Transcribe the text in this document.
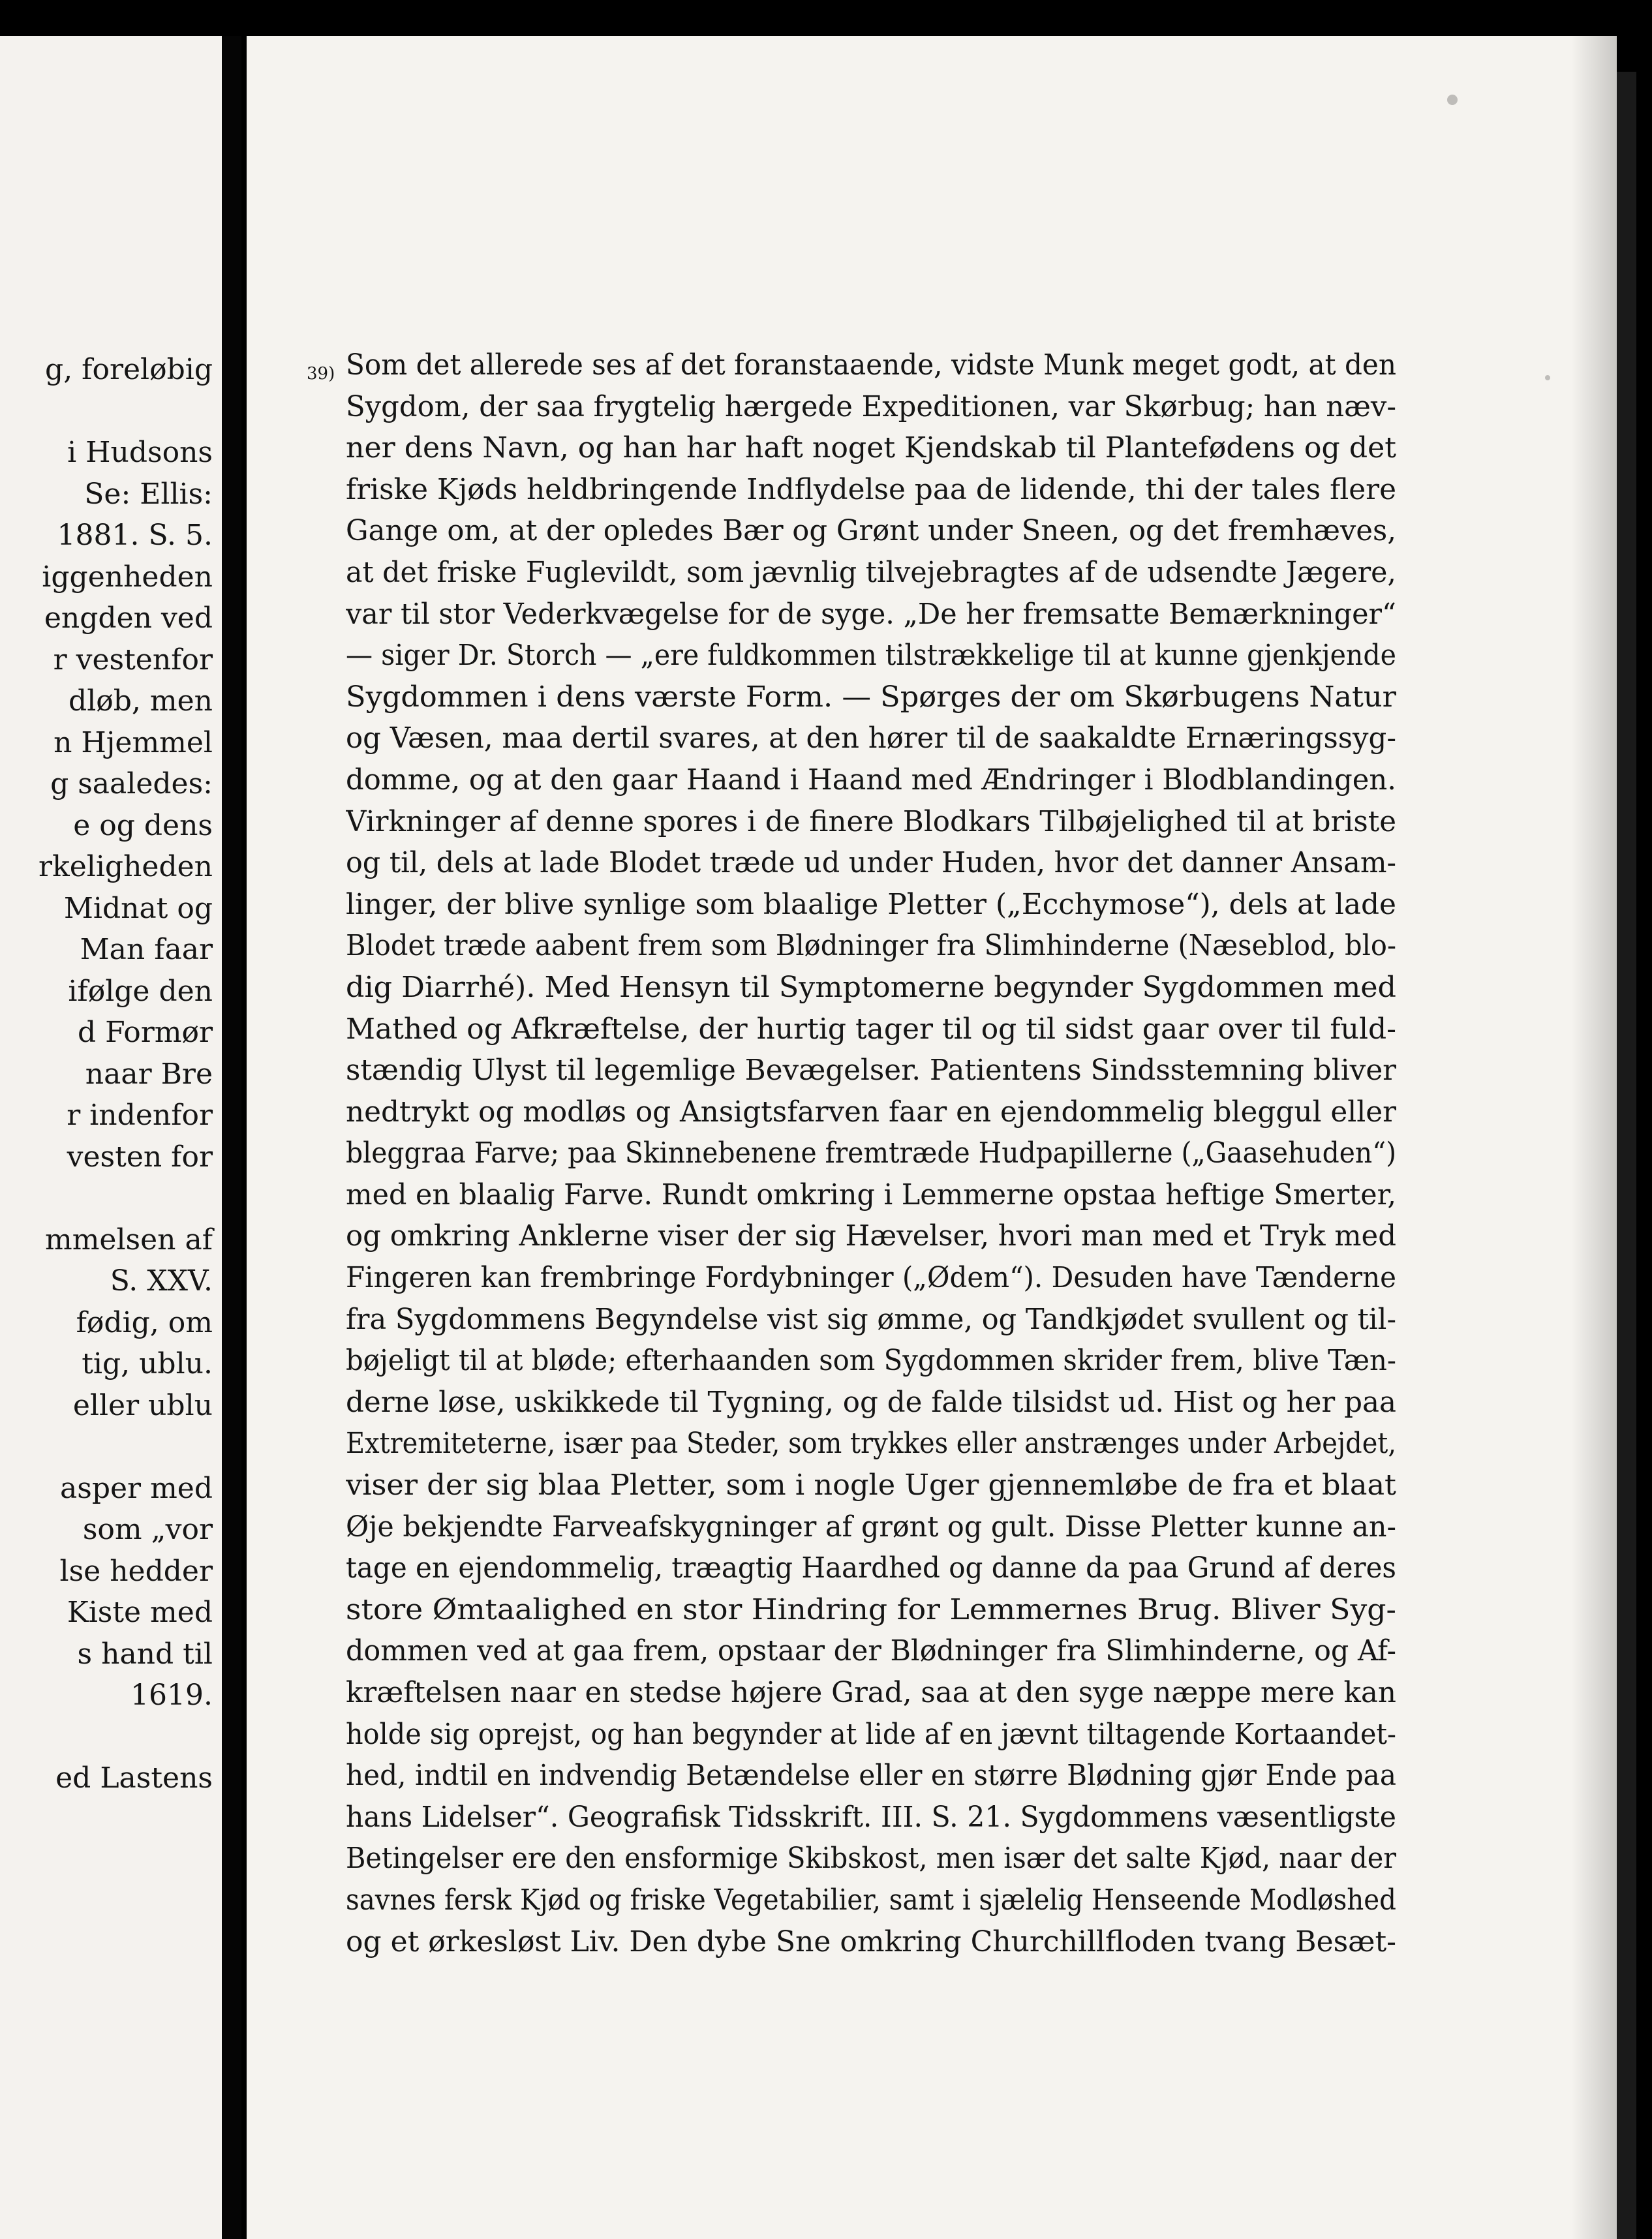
g, foreløbig
i Hudsons
Se: Ellis:
1881. S. 5.
iggenheden
engden ved
r vestenfor
dløb, men
n Hjemmel
g saaledes:
e og dens
rkeligheden
Midnat og
Man faar
ifølge den
d Formør
naar Bre
r indenfor
vesten for
mmelsen af
S. XXV.
fødig, om
tig, ublu.
eller ublu
asper med
som „vor
lse hedder
Kiste med
s hand til
1619.
ed Lastens
39) Som det allerede ses af det foranstaaende, vidste Munk meget godt, at den
Sygdom, der saa frygtelig hærgede Expeditionen, var Skørbug; han næv-
ner dens Navn, og han har haft noget Kjendskab til Plantefødens og det
friske Kjøds heldbringende Indflydelse paa de lidende, thi der tales flere
Gange om, at der opledes Bær og Grønt under Sneen, og det fremhæves,
at det friske Fuglevildt, som jævnlig tilvejebragtes af de udsendte Jægere,
var til stor Vederkvægelse for de syge. „De her fremsatte Bemærkninger“
— siger Dr. Storch — „ere fuldkommen tilstrækkelige til at kunne gjenkjende
Sygdommen i dens værste Form. — Spørges der om Skørbugens Natur
og Væsen, maa dertil svares, at den hører til de saakaldte Ernæringssyg-
domme, og at den gaar Haand i Haand med Ændringer i Blodblandingen.
Virkninger af denne spores i de finere Blodkars Tilbøjelighed til at briste
og til, dels at lade Blodet træde ud under Huden, hvor det danner Ansam-
linger, der blive synlige som blaalige Pletter („Ecchymose“), dels at lade
Blodet træde aabent frem som Blødninger fra Slimhinderne (Næseblod, blo-
dig Diarrhé). Med Hensyn til Symptomerne begynder Sygdommen med
Mathed og Afkræftelse, der hurtig tager til og til sidst gaar over til fuld-
stændig Ulyst til legemlige Bevægelser. Patientens Sindsstemning bliver
nedtrykt og modløs og Ansigtsfarven faar en ejendommelig bleggul eller
bleggraa Farve; paa Skinnebenene fremtræde Hudpapillerne („Gaasehuden“)
med en blaalig Farve. Rundt omkring i Lemmerne opstaa heftige Smerter,
og omkring Anklerne viser der sig Hævelser, hvori man med et Tryk med
Fingeren kan frembringe Fordybninger („Ødem“). Desuden have Tænderne
fra Sygdommens Begyndelse vist sig ømme, og Tandkjødet svullent og til-
bøjeligt til at bløde; efterhaanden som Sygdommen skrider frem, blive Tæn-
derne løse, uskikkede til Tygning, og de falde tilsidst ud. Hist og her paa
Extremiteterne, især paa Steder, som trykkes eller anstrænges under Arbejdet,
viser der sig blaa Pletter, som i nogle Uger gjennemløbe de fra et blaat
Øje bekjendte Farveafskygninger af grønt og gult. Disse Pletter kunne an-
tage en ejendommelig, træagtig Haardhed og danne da paa Grund af deres
store Ømtaalighed en stor Hindring for Lemmernes Brug. Bliver Syg-
dommen ved at gaa frem, opstaar der Blødninger fra Slimhinderne, og Af-
kræftelsen naar en stedse højere Grad, saa at den syge næppe mere kan
holde sig oprejst, og han begynder at lide af en jævnt tiltagende Kortaandet-
hed, indtil en indvendig Betændelse eller en større Blødning gjør Ende paa
hans Lidelser“. Geografisk Tidsskrift. III. S. 21. Sygdommens væsentligste
Betingelser ere den ensformige Skibskost, men især det salte Kjød, naar der
savnes fersk Kjød og friske Vegetabilier, samt i sjælelig Henseende Modløshed
og et ørkesløst Liv. Den dybe Sne omkring Churchillfloden tvang Besæt-
